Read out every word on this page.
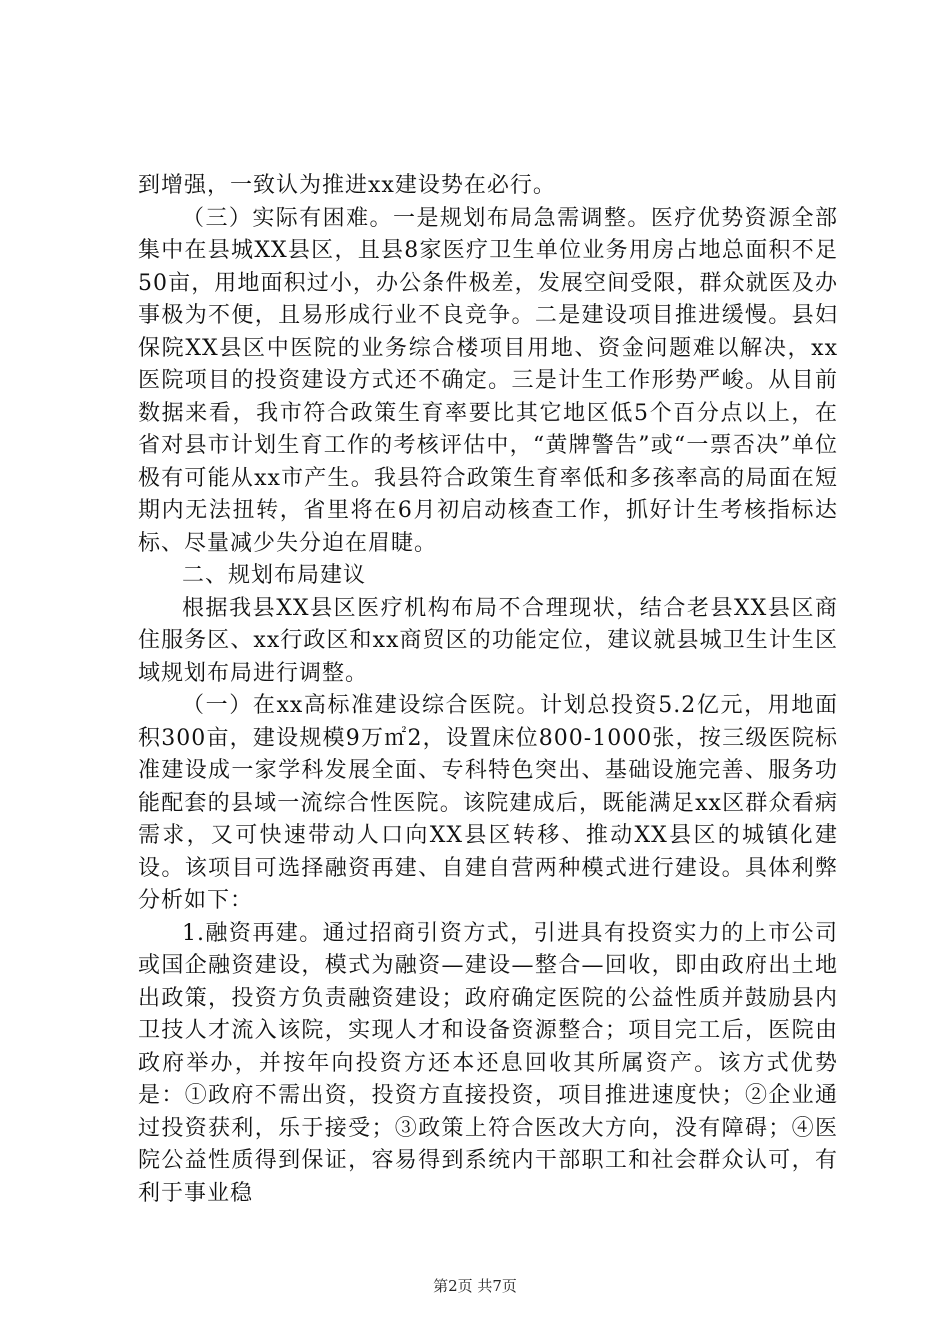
到增强，一致认为推进xx建设势在必行。

（三）实际有困难。一是规划布局急需调整。医疗优势资源全部集中在县城XX县区，且县8家医疗卫生单位业务用房占地总面积不足50亩，用地面积过小，办公条件极差，发展空间受限，群众就医及办事极为不便，且易形成行业不良竞争。二是建设项目推进缓慢。县妇保院XX县区中医院的业务综合楼项目用地、资金问题难以解决，xx医院项目的投资建设方式还不确定。三是计生工作形势严峻。从目前数据来看，我市符合政策生育率要比其它地区低5个百分点以上，在省对县市计划生育工作的考核评估中，“黄牌警告”或“一票否决”单位极有可能从xx市产生。我县符合政策生育率低和多孩率高的局面在短期内无法扭转，省里将在6月初启动核查工作，抓好计生考核指标达标、尽量减少失分迫在眉睫。

二、规划布局建议

根据我县XX县区医疗机构布局不合理现状，结合老县XX县区商住服务区、xx行政区和xx商贸区的功能定位，建议就县城卫生计生区域规划布局进行调整。

（一）在xx高标准建设综合医院。计划总投资5.2亿元，用地面积300亩，建设规模9万㎡2，设置床位800-1000张，按三级医院标准建设成一家学科发展全面、专科特色突出、基础设施完善、服务功能配套的县域一流综合性医院。该院建成后，既能满足xx区群众看病需求，又可快速带动人口向XX县区转移、推动XX县区的城镇化建设。该项目可选择融资再建、自建自营两种模式进行建设。具体利弊分析如下：

1.融资再建。通过招商引资方式，引进具有投资实力的上市公司或国企融资建设，模式为融资—建设—整合—回收，即由政府出土地出政策，投资方负责融资建设；政府确定医院的公益性质并鼓励县内卫技人才流入该院，实现人才和设备资源整合；项目完工后，医院由政府举办，并按年向投资方还本还息回收其所属资产。该方式优势是：①政府不需出资，投资方直接投资，项目推进速度快；②企业通过投资获利，乐于接受；③政策上符合医改大方向，没有障碍；④医院公益性质得到保证，容易得到系统内干部职工和社会群众认可，有利于事业稳

第2页 共7页
